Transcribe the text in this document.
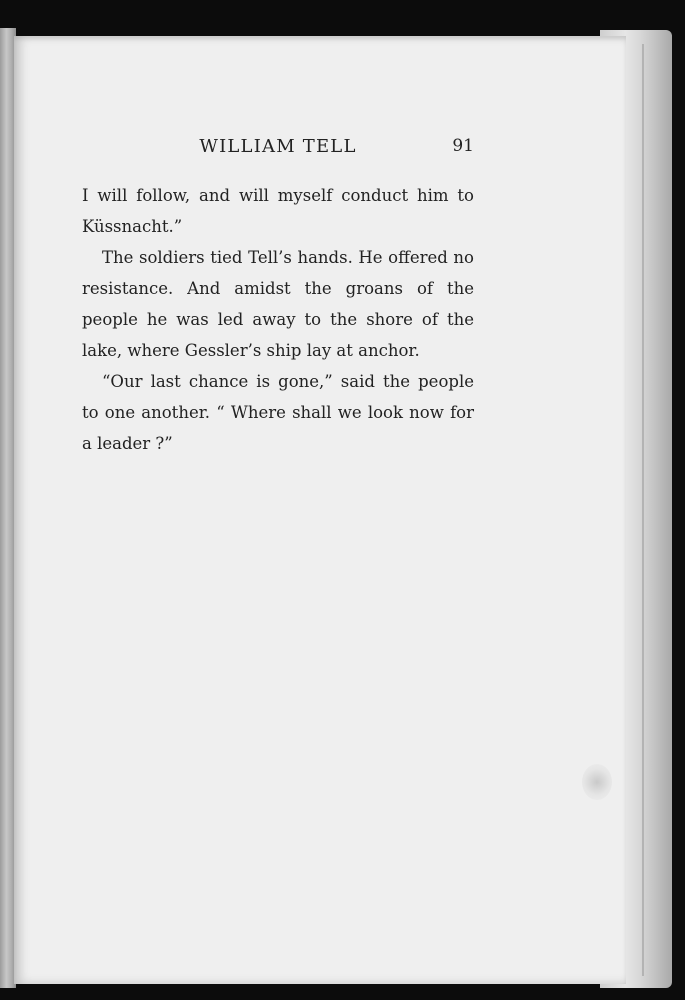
WILLIAM TELL	91

I will follow, and will myself conduct him to Küssnacht.”

The soldiers tied Tell’s hands. He offered no resistance. And amidst the groans of the people he was led away to the shore of the lake, where Gessler’s ship lay at anchor.

“Our last chance is gone,” said the people to one another. “ Where shall we look now for a leader ?”
